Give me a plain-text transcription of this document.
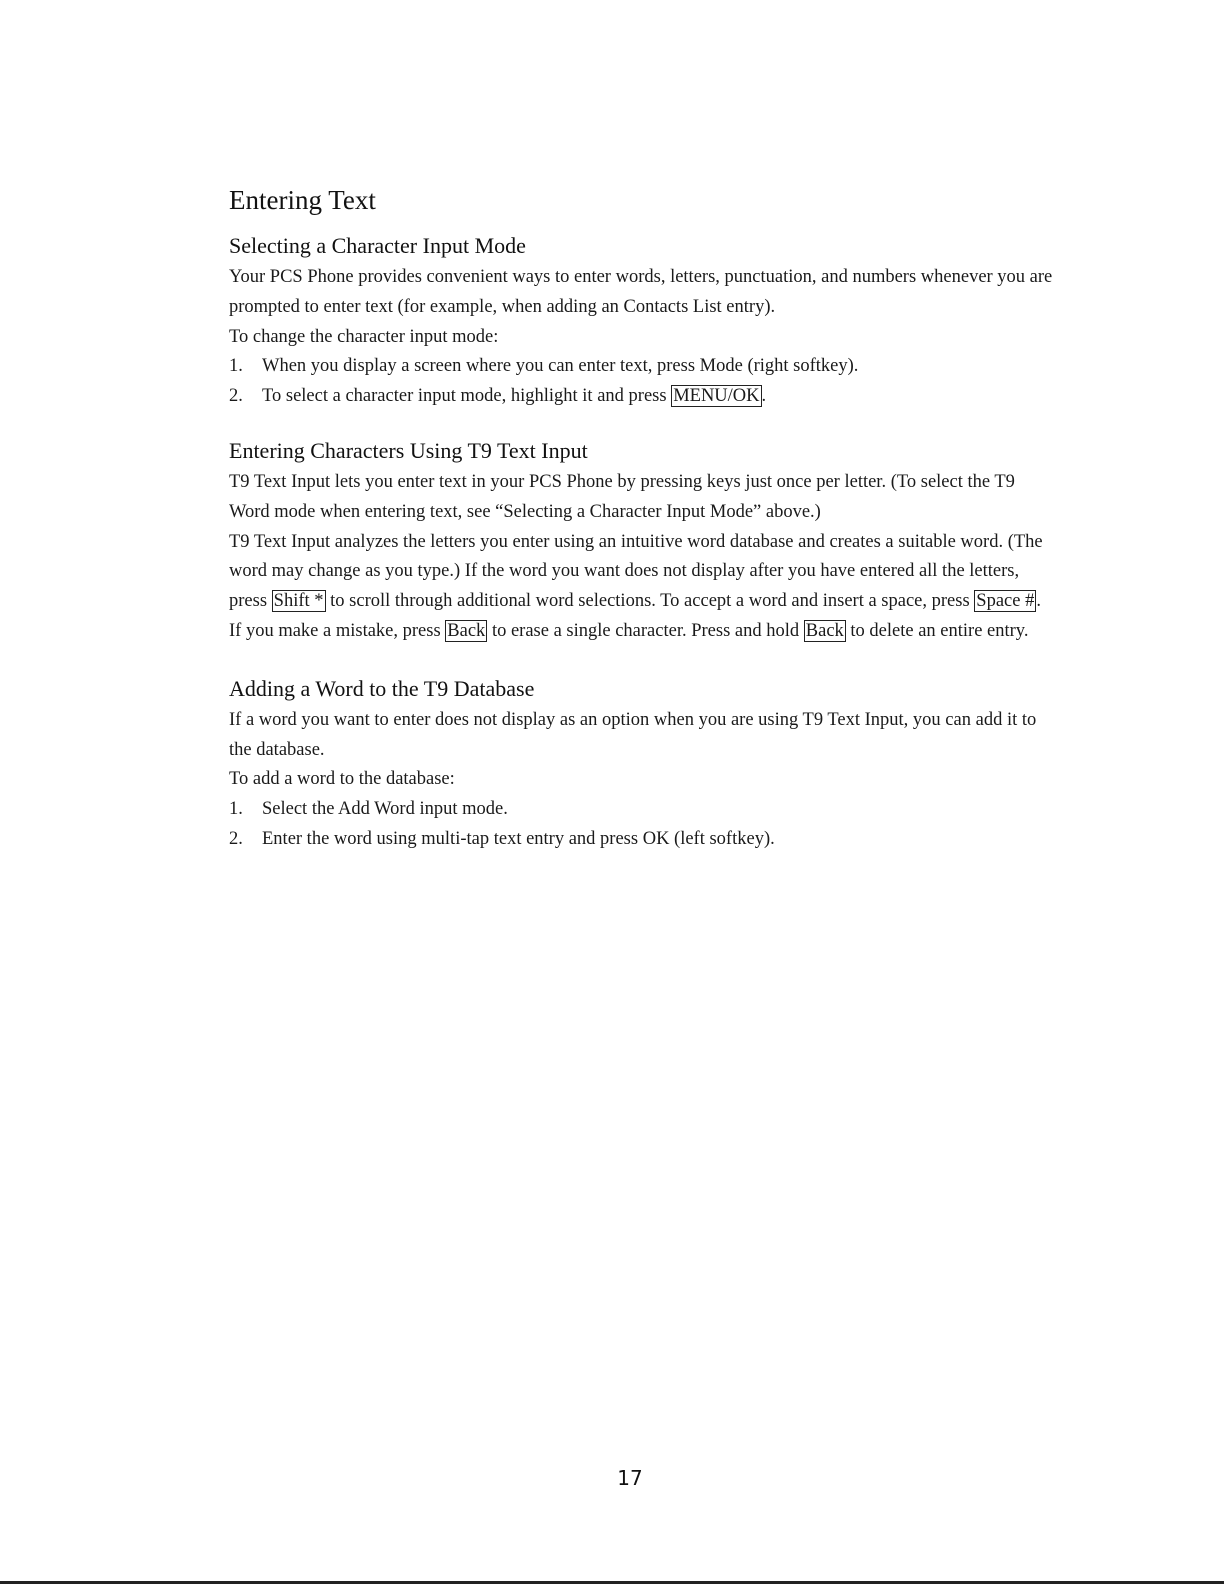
Entering Text
Selecting a Character Input Mode

Your PCS Phone provides convenient ways to enter words, letters, punctuation, and numbers whenever you are prompted to enter text (for example, when adding an Contacts List entry).

To change the character input mode:

1.	When you display a screen where you can enter text, press Mode (right softkey).
2.	To select a character input mode, highlight it and press MENU/OK .
Entering Characters Using T9 Text Input

T9 Text Input lets you enter text in your PCS Phone by pressing keys just once per letter. (To select the T9 Word mode when entering text, see “Selecting a Character Input Mode” above.)

T9 Text Input analyzes the letters you enter using an intuitive word database and creates a suitable word. (The word may change as you type.) If the word you want does not display after you have entered all the letters, press Shift * to scroll through additional word selections. To accept a word and insert a space, press Space # .

If you make a mistake, press Back to erase a single character. Press and hold Back to delete an entire entry.

Adding a Word to the T9 Database

If a word you want to enter does not display as an option when you are using T9 Text Input, you can add it to the database.

To add a word to the database:

1.	Select the Add Word input mode.
2.	Enter the word using multi-tap text entry and press OK (left softkey).
17
